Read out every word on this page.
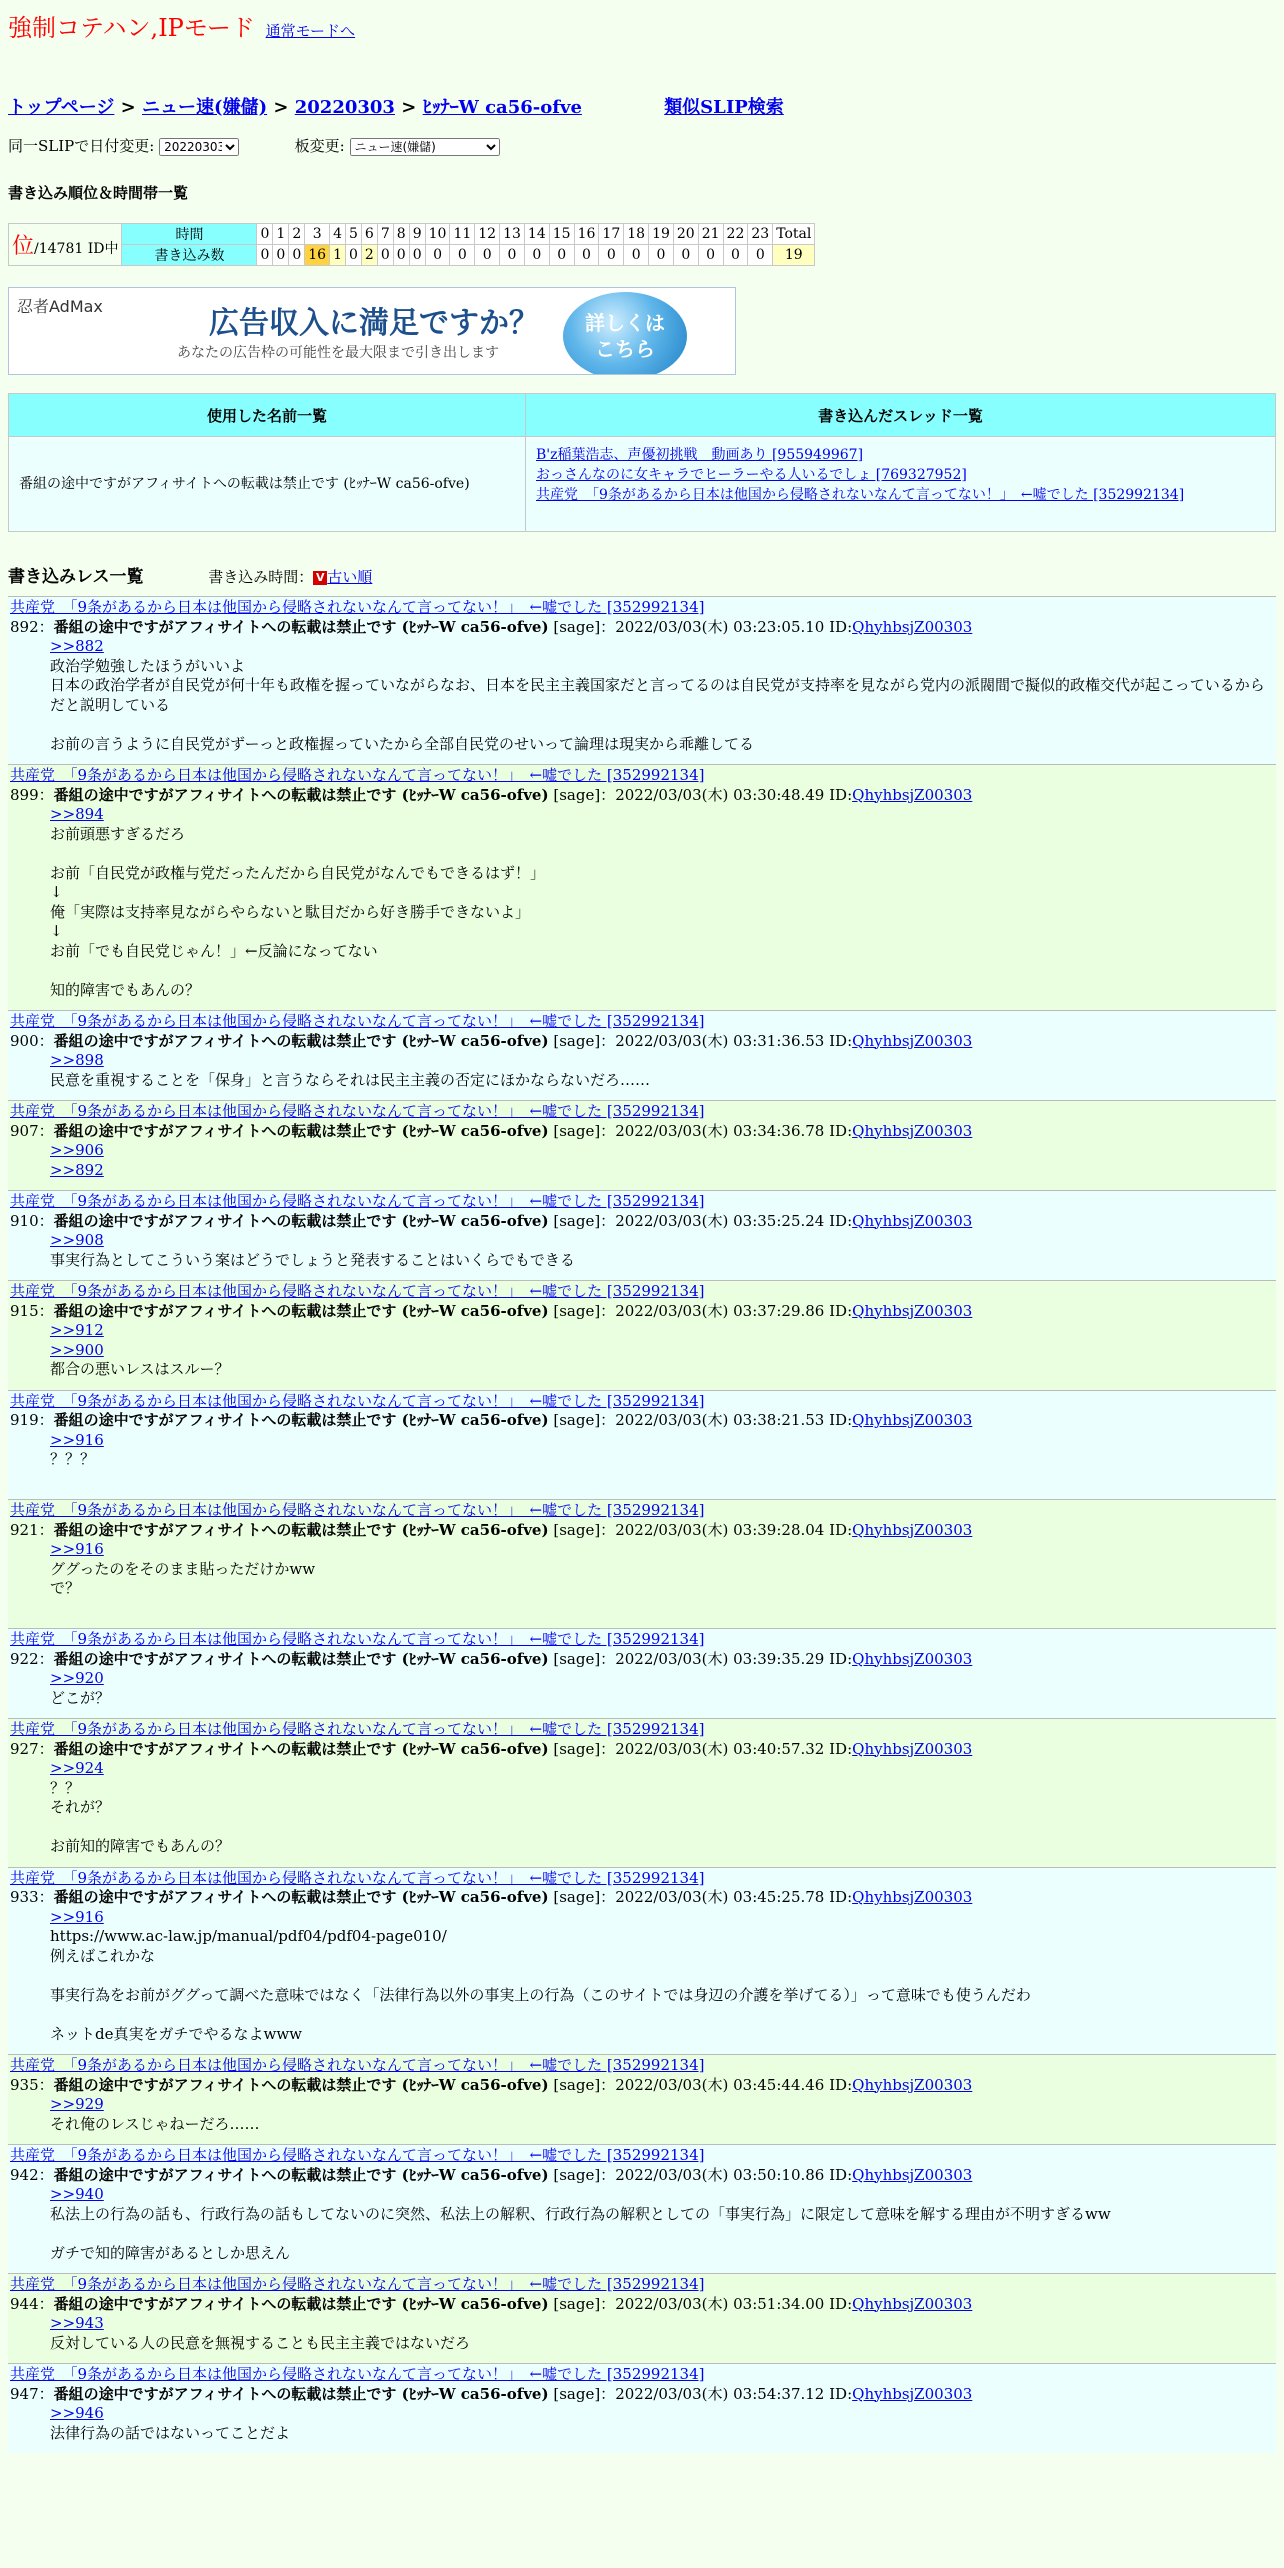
強制コテハン,IPモード 通常モードへ
トップページ > ニュー速(嫌儲) > 20220303 > ﾋｯﾅｰW ca56-ofve	類似SLIP検索
同一SLIPで日付変更:
20220303	板変更:
ニュー速(嫌儲)
書き込み順位＆時間帯一覧
位/14781 ID中	時間	0	1	2	3	4	5	6	7	8	9	10	11	12	13	14	15	16	17	18	19	20	21	22	23	Total
	書き込み数	0	0	0	16	1	0	2	0	0	0	0	0	0	0	0	0	0	0	0	0	0	0	0	0	19
忍者AdMax	広告収入に満足ですか？
あなたの広告枠の可能性を最大限まで引き出します
詳しくは
こちら
使用した名前一覧	書き込んだスレッド一覧
番組の途中ですがアフィサイトへの転載は禁止です (ﾋｯﾅｰW ca56-ofve)	B'z稲葉浩志、声優初挑戦　動画あり [955949967]
おっさんなのに女キャラでヒーラーやる人いるでしょ [769327952]
共産党　「9条があるから日本は他国から侵略されないなんて言ってない！」　←嘘でした [352992134]
書き込みレス一覧	書き込み時間： V 古い順
共産党　「9条があるから日本は他国から侵略されないなんて言ってない！」　←嘘でした [352992134]
892：番組の途中ですがアフィサイトへの転載は禁止です (ﾋｯﾅｰW ca56-ofve) [sage]：2022/03/03(木) 03:23:05.10 ID:QhyhbsjZ00303
>>882
政治学勉強したほうがいいよ
日本の政治学者が自民党が何十年も政権を握っていながらなお、日本を民主主義国家だと言ってるのは自民党が支持率を見ながら党内の派閥間で擬似的政権交代が起こっているからだと説明している
お前の言うように自民党がずーっと政権握っていたから全部自民党のせいって論理は現実から乖離してる
共産党　「9条があるから日本は他国から侵略されないなんて言ってない！」　←嘘でした [352992134]
899：番組の途中ですがアフィサイトへの転載は禁止です (ﾋｯﾅｰW ca56-ofve) [sage]：2022/03/03(木) 03:30:48.49 ID:QhyhbsjZ00303
>>894
お前頭悪すぎるだろ
お前「自民党が政権与党だったんだから自民党がなんでもできるはず！」
↓
俺「実際は支持率見ながらやらないと駄目だから好き勝手できないよ」
↓
お前「でも自民党じゃん！」←反論になってない
知的障害でもあんの？
共産党　「9条があるから日本は他国から侵略されないなんて言ってない！」　←嘘でした [352992134]
900：番組の途中ですがアフィサイトへの転載は禁止です (ﾋｯﾅｰW ca56-ofve) [sage]：2022/03/03(木) 03:31:36.53 ID:QhyhbsjZ00303
>>898
民意を重視することを「保身」と言うならそれは民主主義の否定にほかならないだろ……
共産党　「9条があるから日本は他国から侵略されないなんて言ってない！」　←嘘でした [352992134]
907：番組の途中ですがアフィサイトへの転載は禁止です (ﾋｯﾅｰW ca56-ofve) [sage]：2022/03/03(木) 03:34:36.78 ID:QhyhbsjZ00303
>>906
>>892
共産党　「9条があるから日本は他国から侵略されないなんて言ってない！」　←嘘でした [352992134]
910：番組の途中ですがアフィサイトへの転載は禁止です (ﾋｯﾅｰW ca56-ofve) [sage]：2022/03/03(木) 03:35:25.24 ID:QhyhbsjZ00303
>>908
事実行為としてこういう案はどうでしょうと発表することはいくらでもできる
共産党　「9条があるから日本は他国から侵略されないなんて言ってない！」　←嘘でした [352992134]
915：番組の途中ですがアフィサイトへの転載は禁止です (ﾋｯﾅｰW ca56-ofve) [sage]：2022/03/03(木) 03:37:29.86 ID:QhyhbsjZ00303
>>912
>>900
都合の悪いレスはスルー？
共産党　「9条があるから日本は他国から侵略されないなんて言ってない！」　←嘘でした [352992134]
919：番組の途中ですがアフィサイトへの転載は禁止です (ﾋｯﾅｰW ca56-ofve) [sage]：2022/03/03(木) 03:38:21.53 ID:QhyhbsjZ00303
>>916
？？？
共産党　「9条があるから日本は他国から侵略されないなんて言ってない！」　←嘘でした [352992134]
921：番組の途中ですがアフィサイトへの転載は禁止です (ﾋｯﾅｰW ca56-ofve) [sage]：2022/03/03(木) 03:39:28.04 ID:QhyhbsjZ00303
>>916
ググったのをそのまま貼っただけかww
で？
共産党　「9条があるから日本は他国から侵略されないなんて言ってない！」　←嘘でした [352992134]
922：番組の途中ですがアフィサイトへの転載は禁止です (ﾋｯﾅｰW ca56-ofve) [sage]：2022/03/03(木) 03:39:35.29 ID:QhyhbsjZ00303
>>920
どこが？
共産党　「9条があるから日本は他国から侵略されないなんて言ってない！」　←嘘でした [352992134]
927：番組の途中ですがアフィサイトへの転載は禁止です (ﾋｯﾅｰW ca56-ofve) [sage]：2022/03/03(木) 03:40:57.32 ID:QhyhbsjZ00303
>>924
？？
それが？
お前知的障害でもあんの？
共産党　「9条があるから日本は他国から侵略されないなんて言ってない！」　←嘘でした [352992134]
933：番組の途中ですがアフィサイトへの転載は禁止です (ﾋｯﾅｰW ca56-ofve) [sage]：2022/03/03(木) 03:45:25.78 ID:QhyhbsjZ00303
>>916
https://www.ac-law.jp/manual/pdf04/pdf04-page010/
例えばこれかな
事実行為をお前がググって調べた意味ではなく「法律行為以外の事実上の行為（このサイトでは身辺の介護を挙げてる）」って意味でも使うんだわ
ネットde真実をガチでやるなよwww
共産党　「9条があるから日本は他国から侵略されないなんて言ってない！」　←嘘でした [352992134]
935：番組の途中ですがアフィサイトへの転載は禁止です (ﾋｯﾅｰW ca56-ofve) [sage]：2022/03/03(木) 03:45:44.46 ID:QhyhbsjZ00303
>>929
それ俺のレスじゃねーだろ……
共産党　「9条があるから日本は他国から侵略されないなんて言ってない！」　←嘘でした [352992134]
942：番組の途中ですがアフィサイトへの転載は禁止です (ﾋｯﾅｰW ca56-ofve) [sage]：2022/03/03(木) 03:50:10.86 ID:QhyhbsjZ00303
>>940
私法上の行為の話も、行政行為の話もしてないのに突然、私法上の解釈、行政行為の解釈としての「事実行為」に限定して意味を解する理由が不明すぎるww
ガチで知的障害があるとしか思えん
共産党　「9条があるから日本は他国から侵略されないなんて言ってない！」　←嘘でした [352992134]
944：番組の途中ですがアフィサイトへの転載は禁止です (ﾋｯﾅｰW ca56-ofve) [sage]：2022/03/03(木) 03:51:34.00 ID:QhyhbsjZ00303
>>943
反対している人の民意を無視することも民主主義ではないだろ
共産党　「9条があるから日本は他国から侵略されないなんて言ってない！」　←嘘でした [352992134]
947：番組の途中ですがアフィサイトへの転載は禁止です (ﾋｯﾅｰW ca56-ofve) [sage]：2022/03/03(木) 03:54:37.12 ID:QhyhbsjZ00303
>>946
法律行為の話ではないってことだよ
